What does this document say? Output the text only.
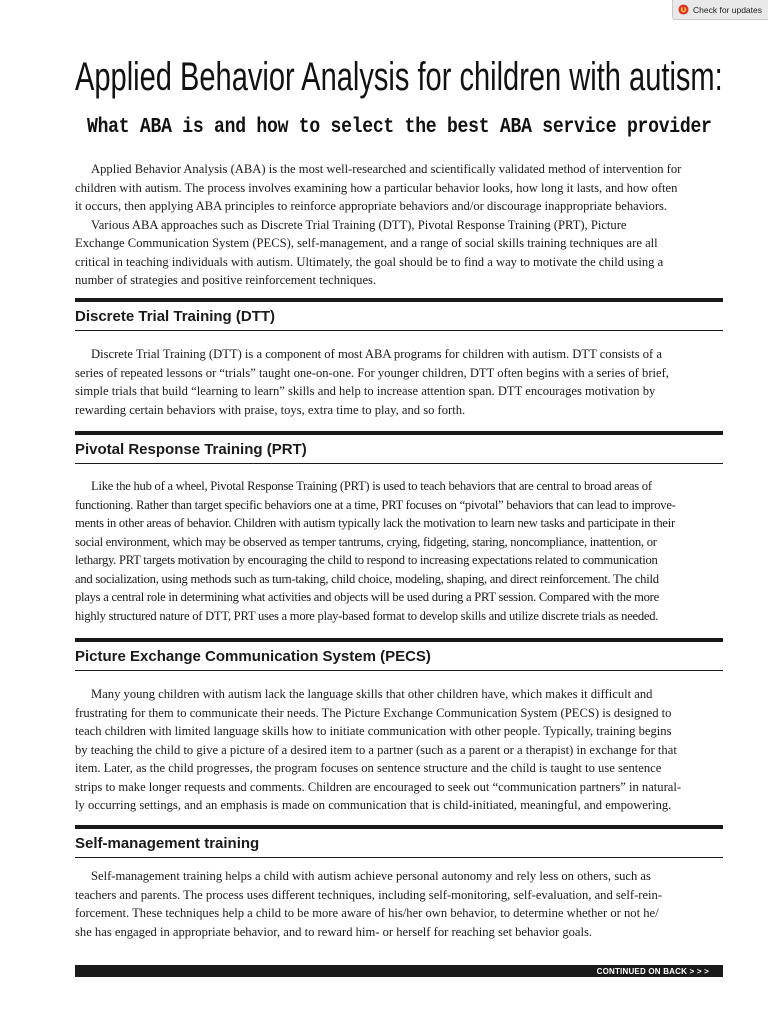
Check for updates
Applied Behavior Analysis for children with autism:
What ABA is and how to select the best ABA service provider

Applied Behavior Analysis (ABA) is the most well-researched and scientifically validated method of intervention for
children with autism. The process involves examining how a particular behavior looks, how long it lasts, and how often
it occurs, then applying ABA principles to reinforce appropriate behaviors and/or discourage inappropriate behaviors.

Various ABA approaches such as Discrete Trial Training (DTT), Pivotal Response Training (PRT), Picture
Exchange Communication System (PECS), self-management, and a range of social skills training techniques are all
critical in teaching individuals with autism. Ultimately, the goal should be to find a way to motivate the child using a
number of strategies and positive reinforcement techniques.

Discrete Trial Training (DTT)

Discrete Trial Training (DTT) is a component of most ABA programs for children with autism. DTT consists of a
series of repeated lessons or “trials” taught one-on-one. For younger children, DTT often begins with a series of brief,
simple trials that build “learning to learn” skills and help to increase attention span. DTT encourages motivation by
rewarding certain behaviors with praise, toys, extra time to play, and so forth.

Pivotal Response Training (PRT)

Like the hub of a wheel, Pivotal Response Training (PRT) is used to teach behaviors that are central to broad areas of
functioning. Rather than target specific behaviors one at a time, PRT focuses on “pivotal” behaviors that can lead to improve-
ments in other areas of behavior. Children with autism typically lack the motivation to learn new tasks and participate in their
social environment, which may be observed as temper tantrums, crying, fidgeting, staring, noncompliance, inattention, or
lethargy. PRT targets motivation by encouraging the child to respond to increasing expectations related to communication
and socialization, using methods such as turn-taking, child choice, modeling, shaping, and direct reinforcement. The child
plays a central role in determining what activities and objects will be used during a PRT session. Compared with the more
highly structured nature of DTT, PRT uses a more play-based format to develop skills and utilize discrete trials as needed.

Picture Exchange Communication System (PECS)

Many young children with autism lack the language skills that other children have, which makes it difficult and
frustrating for them to communicate their needs. The Picture Exchange Communication System (PECS) is designed to
teach children with limited language skills how to initiate communication with other people. Typically, training begins
by teaching the child to give a picture of a desired item to a partner (such as a parent or a therapist) in exchange for that
item. Later, as the child progresses, the program focuses on sentence structure and the child is taught to use sentence
strips to make longer requests and comments. Children are encouraged to seek out “communication partners” in natural-
ly occurring settings, and an emphasis is made on communication that is child-initiated, meaningful, and empowering.

Self-management training

Self-management training helps a child with autism achieve personal autonomy and rely less on others, such as
teachers and parents. The process uses different techniques, including self-monitoring, self-evaluation, and self-rein-
forcement. These techniques help a child to be more aware of his/her own behavior, to determine whether or not he/
she has engaged in appropriate behavior, and to reward him- or herself for reaching set behavior goals.

CONTINUED ON BACK > > >
